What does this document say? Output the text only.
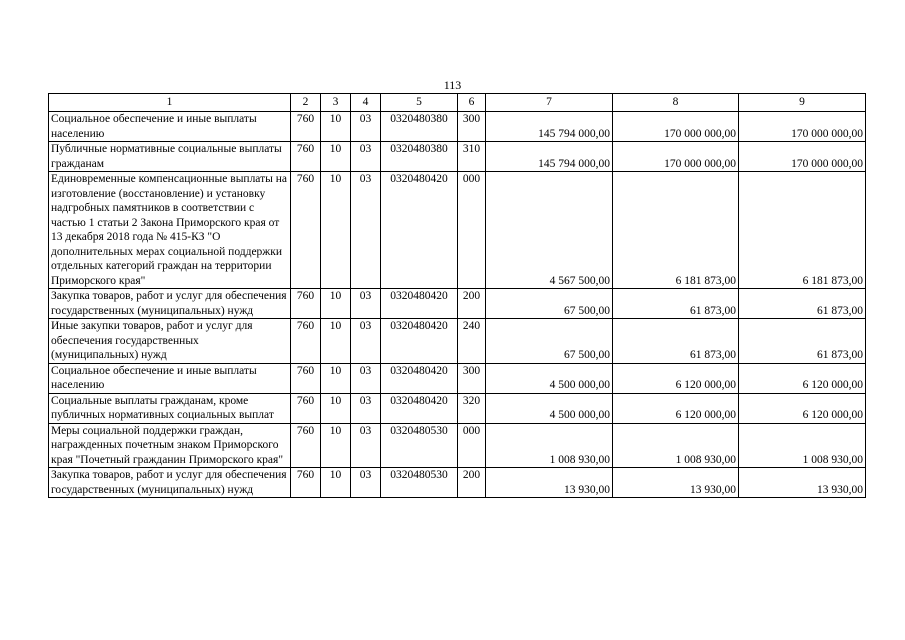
113
1	2	3	4	5	6	7	8	9
Социальное обеспечение и иные выплаты населению	760	10	03	0320480380	300	145 794 000,00	170 000 000,00	170 000 000,00
Публичные нормативные социальные выплаты гражданам	760	10	03	0320480380	310	145 794 000,00	170 000 000,00	170 000 000,00
Единовременные компенсационные выплаты на изготовление (восстановление) и установку надгробных памятников в соответствии с частью 1 статьи 2 Закона Приморского края от 13 декабря 2018 года № 415-КЗ "О дополнительных мерах социальной поддержки отдельных категорий граждан на территории Приморского края"	760	10	03	0320480420	000	4 567 500,00	6 181 873,00	6 181 873,00
Закупка товаров, работ и услуг для обеспечения государственных (муниципальных) нужд	760	10	03	0320480420	200	67 500,00	61 873,00	61 873,00
Иные закупки товаров, работ и услуг для обеспечения государственных (муниципальных) нужд	760	10	03	0320480420	240	67 500,00	61 873,00	61 873,00
Социальное обеспечение и иные выплаты населению	760	10	03	0320480420	300	4 500 000,00	6 120 000,00	6 120 000,00
Социальные выплаты гражданам, кроме публичных нормативных социальных выплат	760	10	03	0320480420	320	4 500 000,00	6 120 000,00	6 120 000,00
Меры социальной поддержки граждан, награжденных почетным знаком Приморского края "Почетный гражданин Приморского края"	760	10	03	0320480530	000	1 008 930,00	1 008 930,00	1 008 930,00
Закупка товаров, работ и услуг для обеспечения государственных (муниципальных) нужд	760	10	03	0320480530	200	13 930,00	13 930,00	13 930,00
